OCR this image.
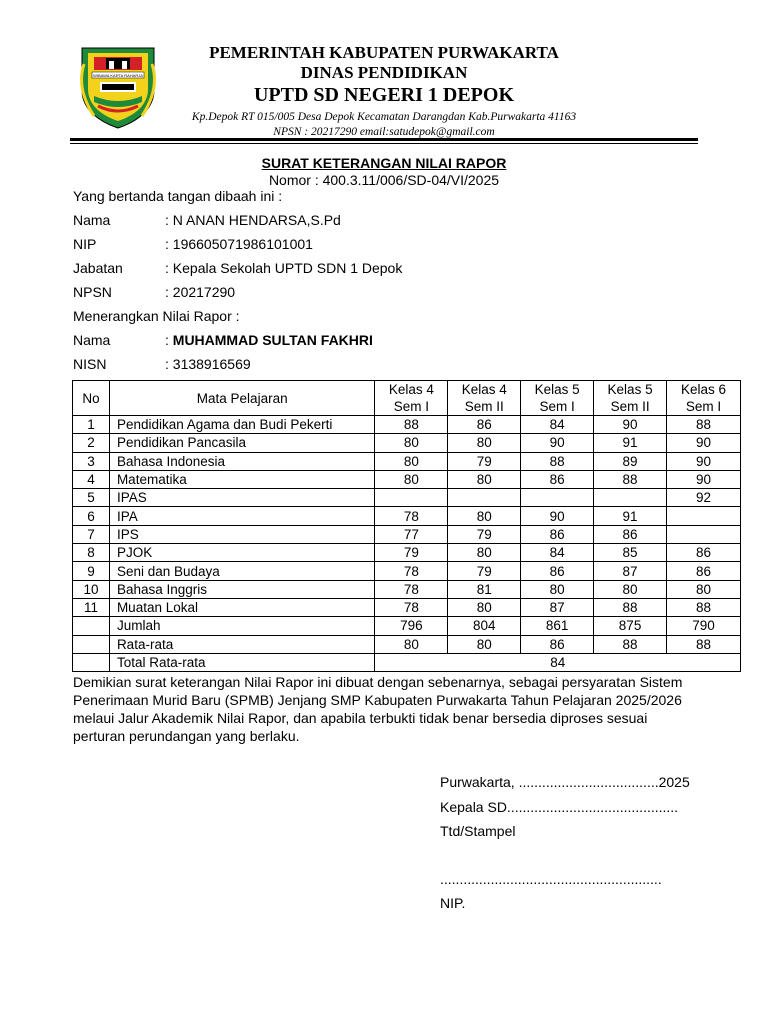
WIBAWA KARTA RAHARJA
PEMERINTAH KABUPATEN PURWAKARTA
DINAS PENDIDIKAN
UPTD SD NEGERI 1 DEPOK
Kp.Depok RT 015/005 Desa Depok Kecamatan Darangdan Kab.Purwakarta 41163
NPSN : 20217290 email:satudepok@gmail.com
SURAT KETERANGAN NILAI RAPOR
Nomor : 400.3.11/006/SD-04/VI/2025
Yang bertanda tangan dibaah ini :
Nama	: N ANAN HENDARSA,S.Pd
NIP	: 196605071986101001
Jabatan	: Kepala Sekolah UPTD SDN 1 Depok
NPSN	: 20217290
Menerangkan Nilai Rapor :
Nama	: MUHAMMAD SULTAN FAKHRI
NISN	: 3138916569
No	Mata Pelajaran	Kelas 4 Sem I	Kelas 4 Sem II	Kelas 5 Sem I	Kelas 5 Sem II	Kelas 6 Sem I
1	Pendidikan Agama dan Budi Pekerti	88	86	84	90	88
2	Pendidikan Pancasila	80	80	90	91	90
3	Bahasa Indonesia	80	79	88	89	90
4	Matematika	80	80	86	88	90
5	IPAS					92
6	IPA	78	80	90	91	
7	IPS	77	79	86	86	
8	PJOK	79	80	84	85	86
9	Seni dan Budaya	78	79	86	87	86
10	Bahasa Inggris	78	81	80	80	80
11	Muatan Lokal	78	80	87	88	88
	Jumlah	796	804	861	875	790
	Rata-rata	80	80	86	88	88
	Total Rata-rata	84				
Demikian surat keterangan Nilai Rapor ini dibuat dengan sebenarnya, sebagai persyaratan Sistem
Penerimaan Murid Baru (SPMB) Jenjang SMP Kabupaten Purwakarta Tahun Pelajaran 2025/2026
melaui Jalur Akademik Nilai Rapor, dan apabila terbukti tidak benar bersedia diproses sesuai
perturan perundangan yang berlaku.
Purwakarta, ....................................2025
Kepala SD............................................
Ttd/Stampel
.........................................................
NIP.
